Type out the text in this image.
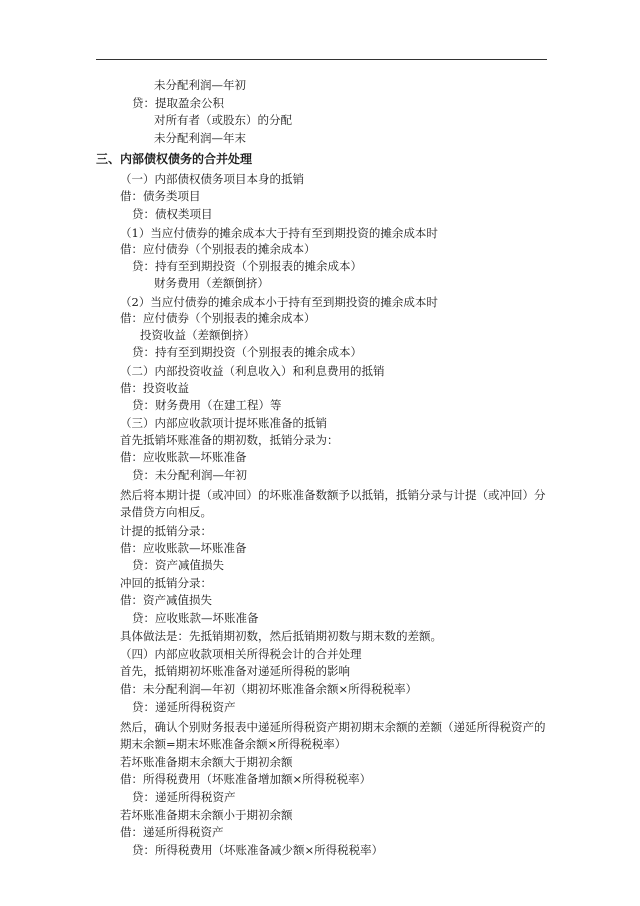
未分配利润—年初
贷：提取盈余公积
对所有者（或股东）的分配
未分配利润—年末
三、内部债权债务的合并处理
（一）内部债权债务项目本身的抵销
借：债务类项目
贷：债权类项目
（1）当应付债券的摊余成本大于持有至到期投资的摊余成本时
借：应付债券（个别报表的摊余成本）
贷：持有至到期投资（个别报表的摊余成本）
财务费用（差额倒挤）
（2）当应付债券的摊余成本小于持有至到期投资的摊余成本时
借：应付债券（个别报表的摊余成本）
投资收益（差额倒挤）
贷：持有至到期投资（个别报表的摊余成本）
（二）内部投资收益（利息收入）和利息费用的抵销
借：投资收益
贷：财务费用（在建工程）等
（三）内部应收款项计提坏账准备的抵销
首先抵销坏账准备的期初数，抵销分录为：
借：应收账款—坏账准备
贷：未分配利润—年初
然后将本期计提（或冲回）的坏账准备数额予以抵销，抵销分录与计提（或冲回）分
录借贷方向相反。
计提的抵销分录：
借：应收账款—坏账准备
贷：资产减值损失
冲回的抵销分录：
借：资产减值损失
贷：应收账款—坏账准备
具体做法是：先抵销期初数，然后抵销期初数与期末数的差额。
（四）内部应收款项相关所得税会计的合并处理
首先，抵销期初坏账准备对递延所得税的影响
借：未分配利润—年初（期初坏账准备余额×所得税税率）
贷：递延所得税资产
然后，确认个别财务报表中递延所得税资产期初期末余额的差额（递延所得税资产的
期末余额=期末坏账准备余额×所得税税率）
若坏账准备期末余额大于期初余额
借：所得税费用（坏账准备增加额×所得税税率）
贷：递延所得税资产
若坏账准备期末余额小于期初余额
借：递延所得税资产
贷：所得税费用（坏账准备减少额×所得税税率）
